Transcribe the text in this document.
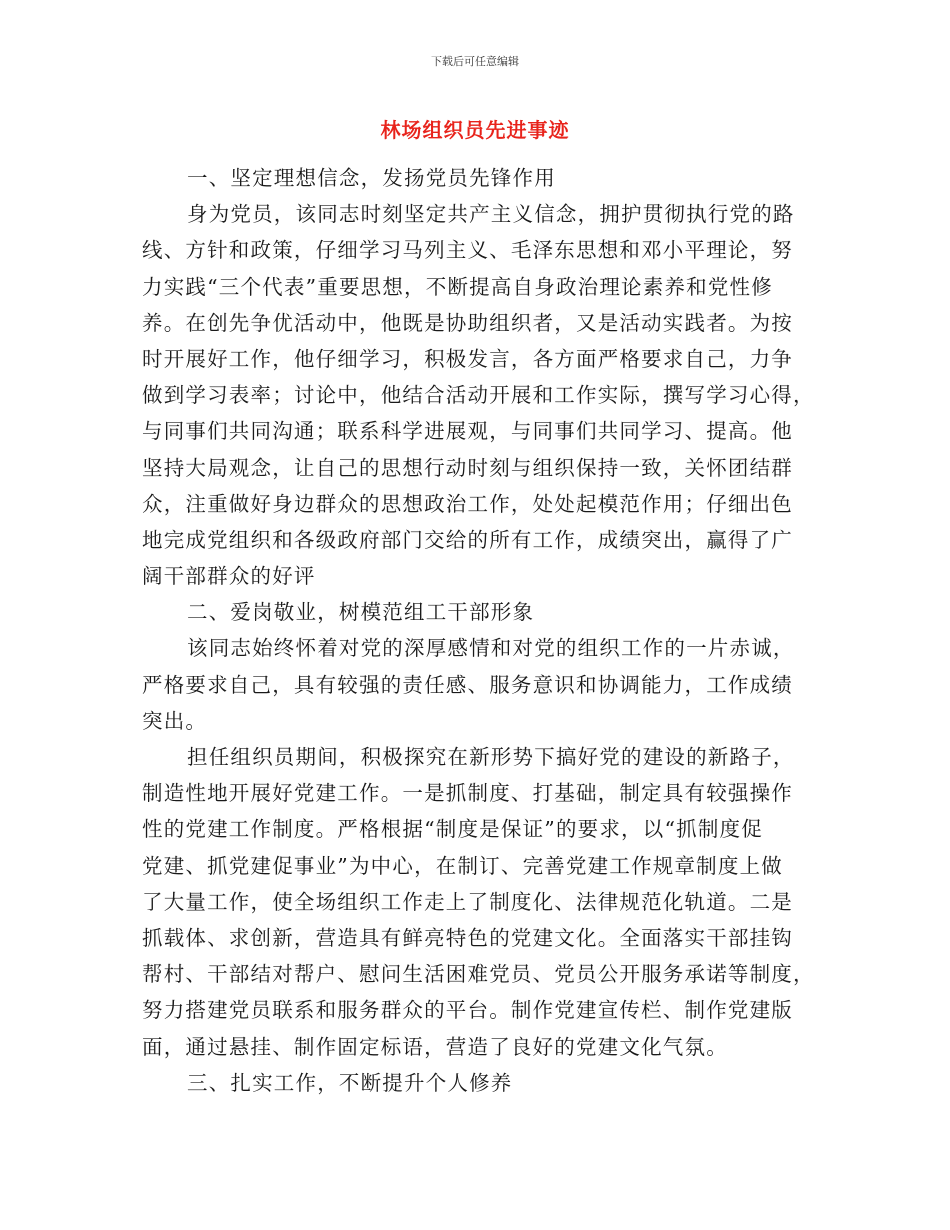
下载后可任意编辑
林场组织员先进事迹
一、坚定理想信念，发扬党员先锋作用
身为党员，该同志时刻坚定共产主义信念，拥护贯彻执行党的路
线、方针和政策，仔细学习马列主义、毛泽东思想和邓小平理论，努
力实践“三个代表”重要思想，不断提高自身政治理论素养和党性修
养。在创先争优活动中，他既是协助组织者，又是活动实践者。为按
时开展好工作，他仔细学习，积极发言，各方面严格要求自己，力争
做到学习表率；讨论中，他结合活动开展和工作实际，撰写学习心得，
与同事们共同沟通；联系科学进展观，与同事们共同学习、提高。他
坚持大局观念，让自己的思想行动时刻与组织保持一致，关怀团结群
众，注重做好身边群众的思想政治工作，处处起模范作用；仔细出色
地完成党组织和各级政府部门交给的所有工作，成绩突出，赢得了广
阔干部群众的好评
二、爱岗敬业，树模范组工干部形象
该同志始终怀着对党的深厚感情和对党的组织工作的一片赤诚，
严格要求自己，具有较强的责任感、服务意识和协调能力，工作成绩
突出。
担任组织员期间，积极探究在新形势下搞好党的建设的新路子，
制造性地开展好党建工作。一是抓制度、打基础，制定具有较强操作
性的党建工作制度。严格根据“制度是保证”的要求，以“抓制度促
党建、抓党建促事业”为中心，在制订、完善党建工作规章制度上做
了大量工作，使全场组织工作走上了制度化、法律规范化轨道。二是
抓载体、求创新，营造具有鲜亮特色的党建文化。全面落实干部挂钩
帮村、干部结对帮户、慰问生活困难党员、党员公开服务承诺等制度，
努力搭建党员联系和服务群众的平台。制作党建宣传栏、制作党建版
面，通过悬挂、制作固定标语，营造了良好的党建文化气氛。
三、扎实工作，不断提升个人修养
